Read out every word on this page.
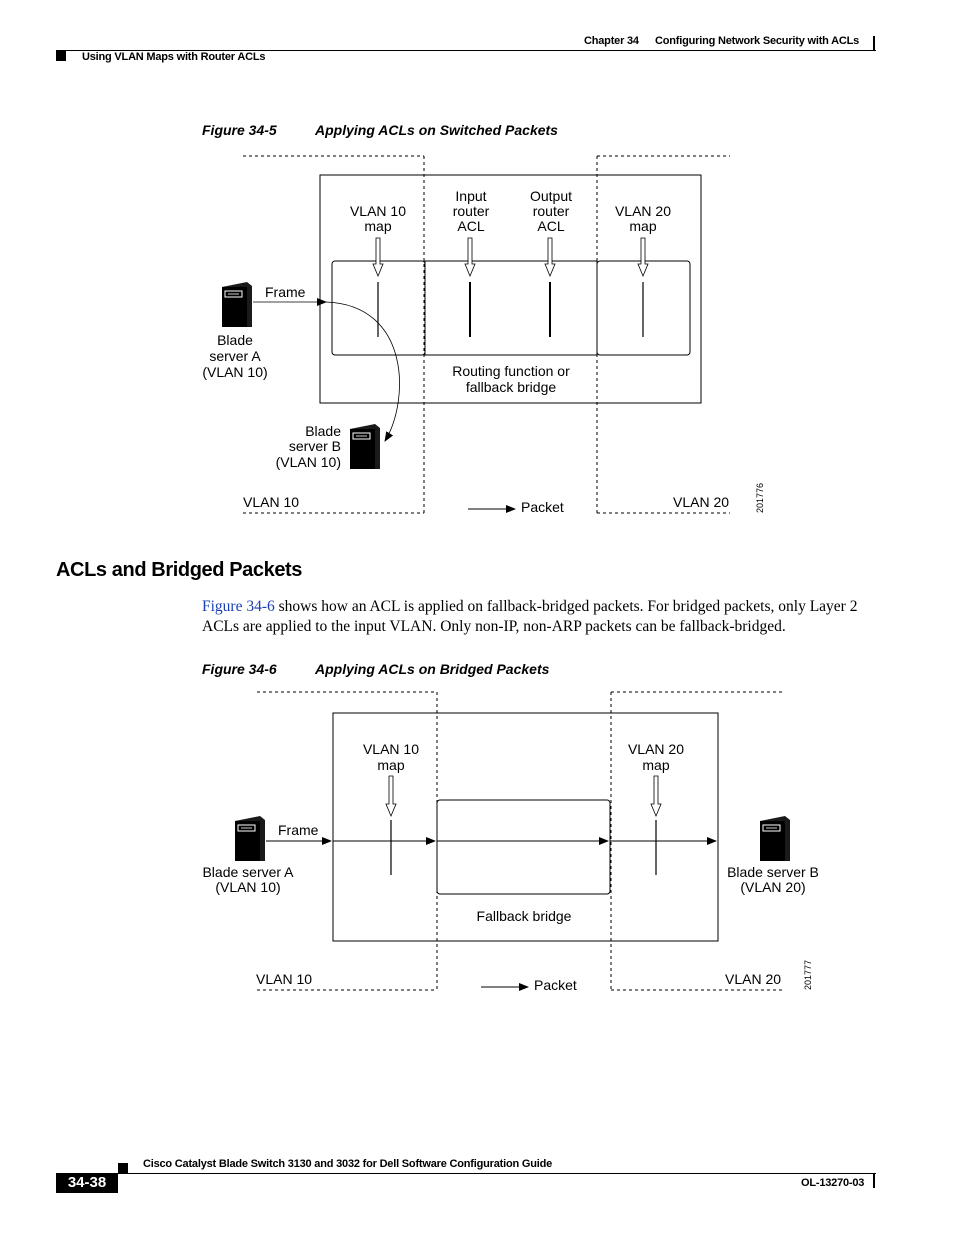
Chapter 34 Configuring Network Security with ACLs
Using VLAN Maps with Router ACLs
Figure 34-5	Applying ACLs on Switched Packets
VLAN 10 map
Input router ACL
Output router ACL
VLAN 20 map
Routing function or fallback bridge
Frame
Blade server A (VLAN 10)
Blade server B (VLAN 10)
VLAN 10	Packet	VLAN 20	201776
ACLs and Bridged Packets

Figure 34-6 shows how an ACL is applied on fallback-bridged packets. For bridged packets, only Layer 2 ACLs are applied to the input VLAN. Only non-IP, non-ARP packets can be fallback-bridged.

Figure 34-6	Applying ACLs on Bridged Packets
VLAN 10 map
VLAN 20 map
Frame
Blade server A (VLAN 10)
Blade server B (VLAN 20)
Fallback bridge
VLAN 10	Packet	VLAN 20 201777
Cisco Catalyst Blade Switch 3130 and 3032 for Dell Software Configuration Guide
34-38	OL-13270-03
